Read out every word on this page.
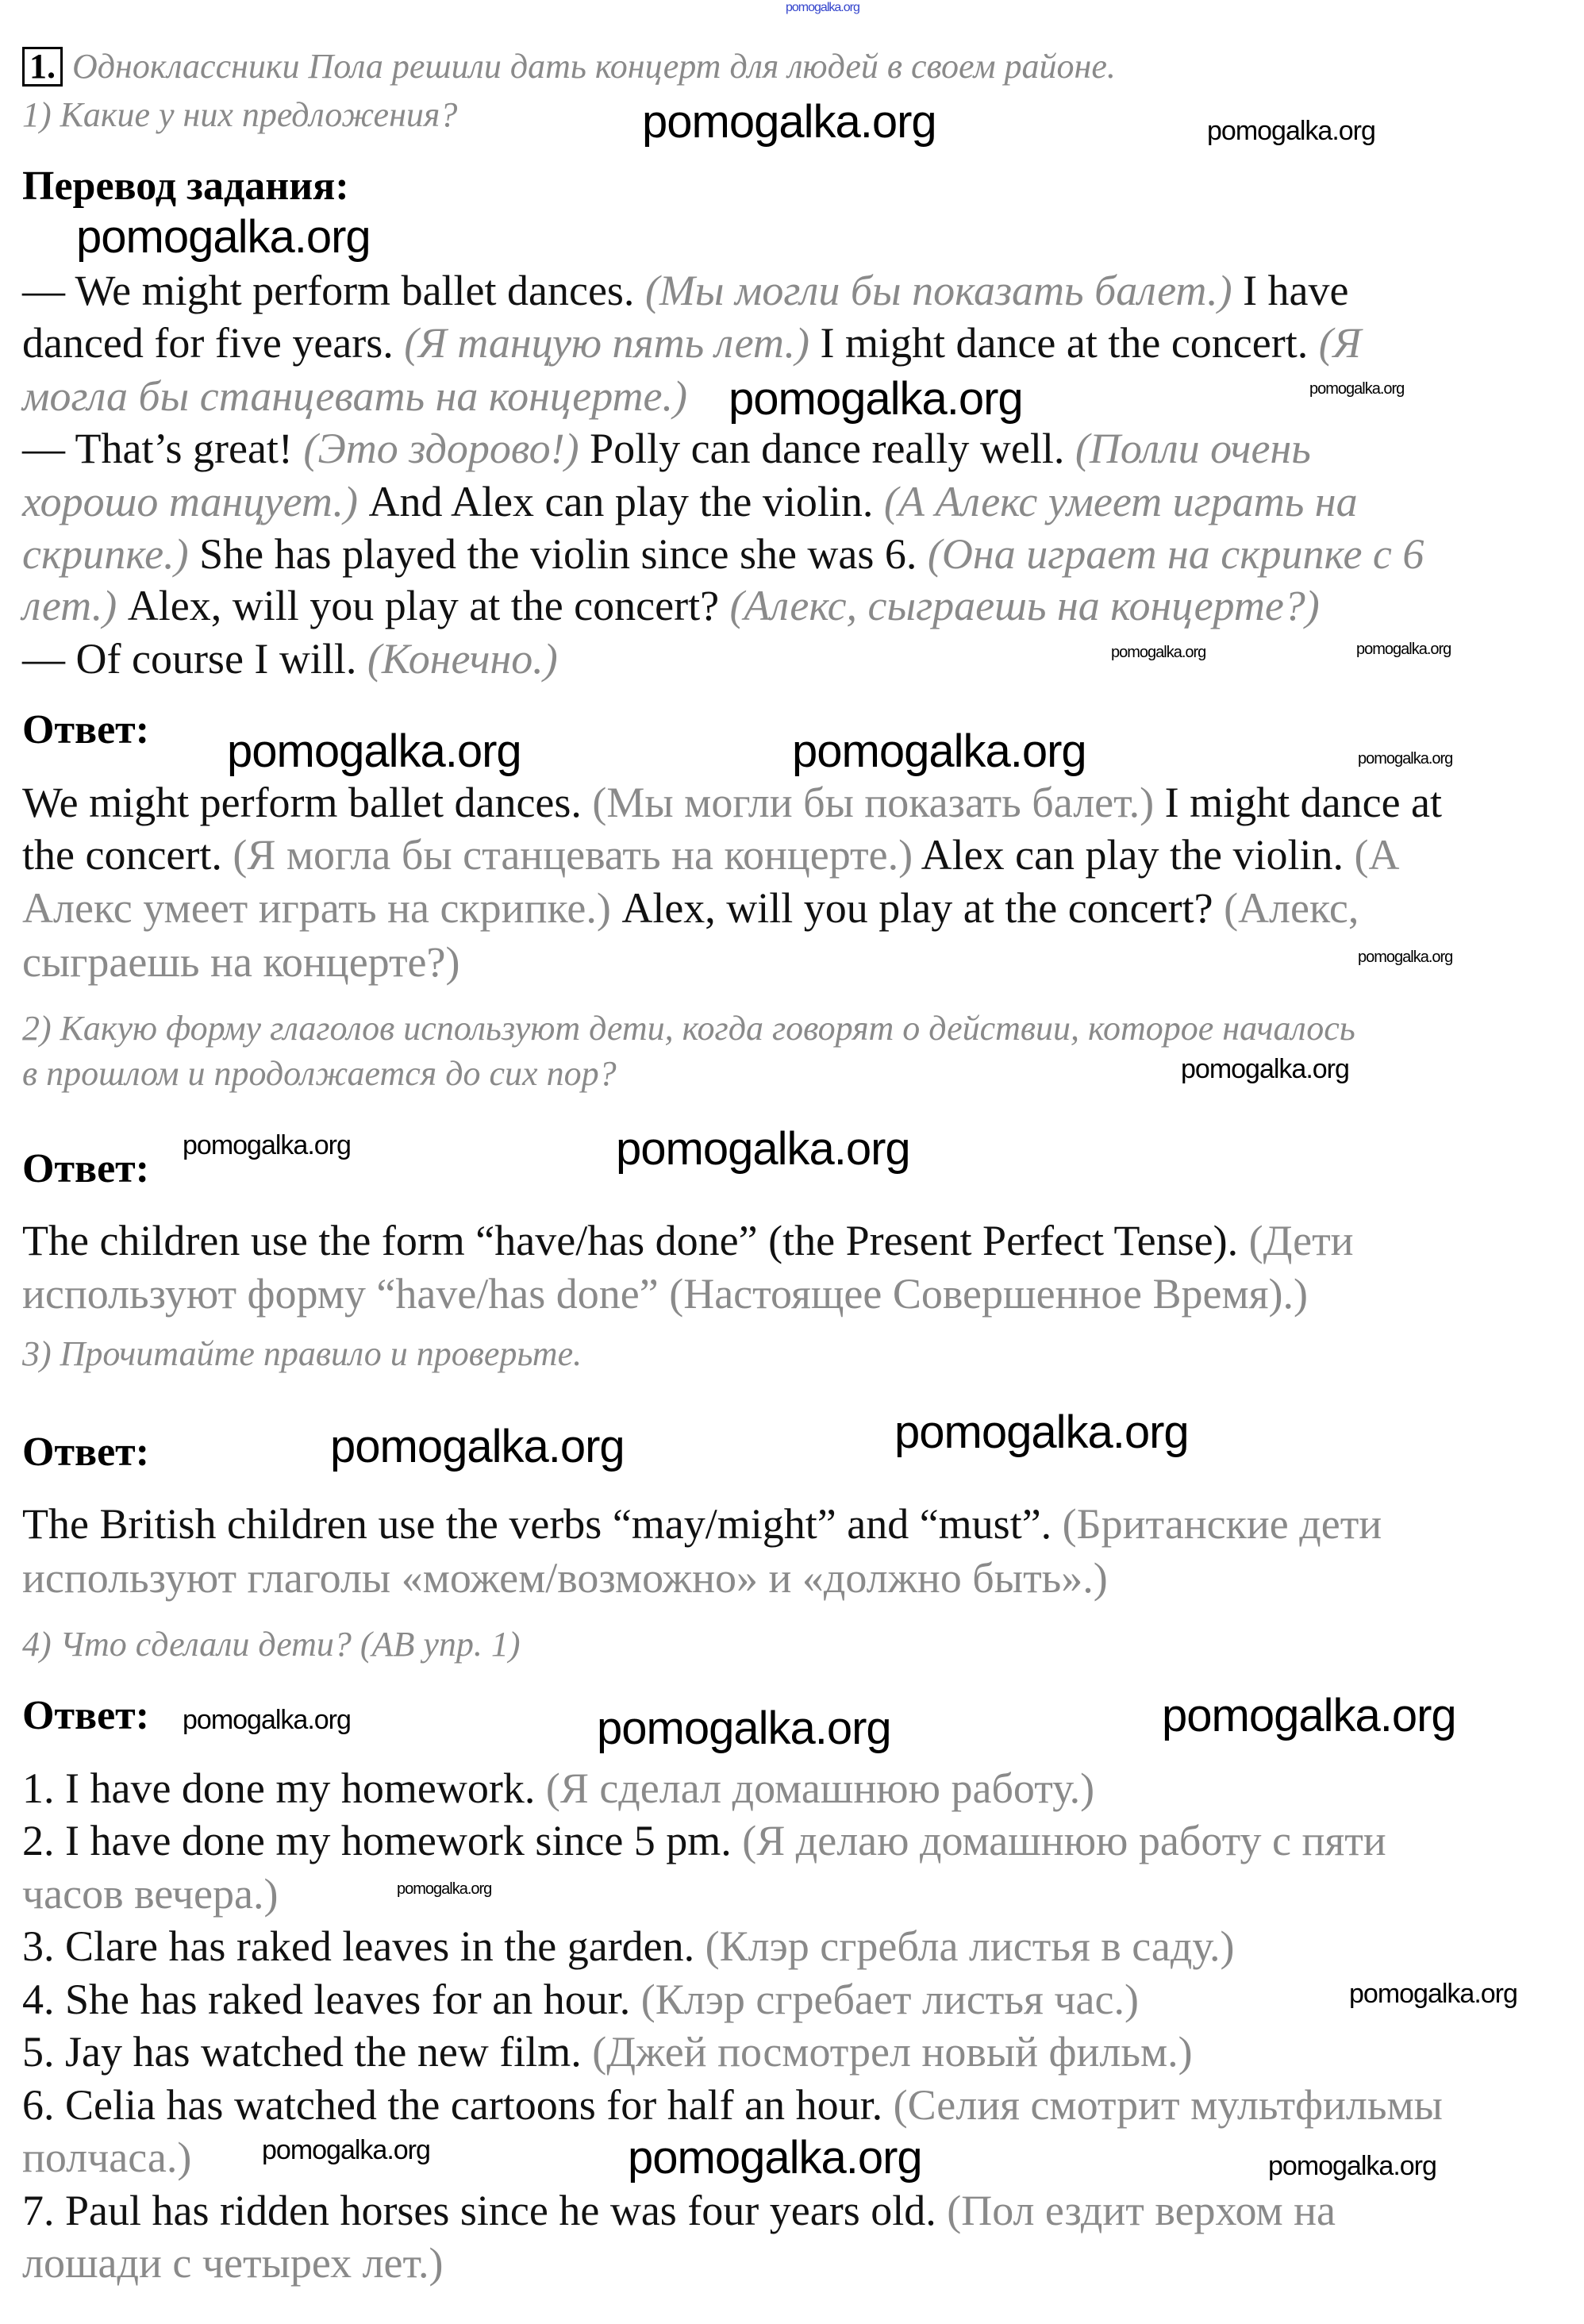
1. Одноклассники Пола решили дать концерт для людей в своем районе.
1) Какие у них предложения?
Перевод задания:
— We might perform ballet dances. (Мы могли бы показать балет.) I have
danced for five years. (Я танцую пять лет.) I might dance at the concert. (Я
могла бы станцевать на концерте.)
— That’s great! (Это здорово!) Polly can dance really well. (Полли очень
хорошо танцует.) And Alex can play the violin. (А Алекс умеет играть на
скрипке.) She has played the violin since she was 6. (Она играет на скрипке с 6
лет.) Alex, will you play at the concert? (Алекс, сыграешь на концерте?)
— Of course I will. (Конечно.)
Ответ:
We might perform ballet dances. (Мы могли бы показать балет.) I might dance at
the concert. (Я могла бы станцевать на концерте.) Alex can play the violin. (А
Алекс умеет играть на скрипке.) Alex, will you play at the concert? (Алекс,
сыграешь на концерте?)
2) Какую форму глаголов используют дети, когда говорят о действии, которое началось
в прошлом и продолжается до сих пор?
Ответ:
The children use the form “have/has done” (the Present Perfect Tense). (Дети
используют форму “have/has done” (Настоящее Совершенное Время).)
3) Прочитайте правило и проверьте.
Ответ:
The British children use the verbs “may/might” and “must”. (Британские дети
используют глаголы «можем/возможно» и «должно быть».)
4) Что сделали дети? (AB упр. 1)
Ответ:
1. I have done my homework. (Я сделал домашнюю работу.)
2. I have done my homework since 5 pm. (Я делаю домашнюю работу с пяти
часов вечера.)
3. Clare has raked leaves in the garden. (Клэр сгребла листья в саду.)
4. She has raked leaves for an hour. (Клэр сгребает листья час.)
5. Jay has watched the new film. (Джей посмотрел новый фильм.)
6. Celia has watched the cartoons for half an hour. (Селия смотрит мультфильмы
полчаса.)
7. Paul has ridden horses since he was four years old. (Пол ездит верхом на
лошади с четырех лет.)
pomogalka.org
pomogalka.org	pomogalka.org
pomogalka.org
pomogalka.org
pomogalka.org
pomogalka.org	pomogalka.org
pomogalka.org	pomogalka.org	pomogalka.org
pomogalka.org
pomogalka.org
pomogalka.org	pomogalka.org
pomogalka.org	pomogalka.org
pomogalka.org	pomogalka.org	pomogalka.org
pomogalka.org
pomogalka.org
pomogalka.org	pomogalka.org	pomogalka.org
